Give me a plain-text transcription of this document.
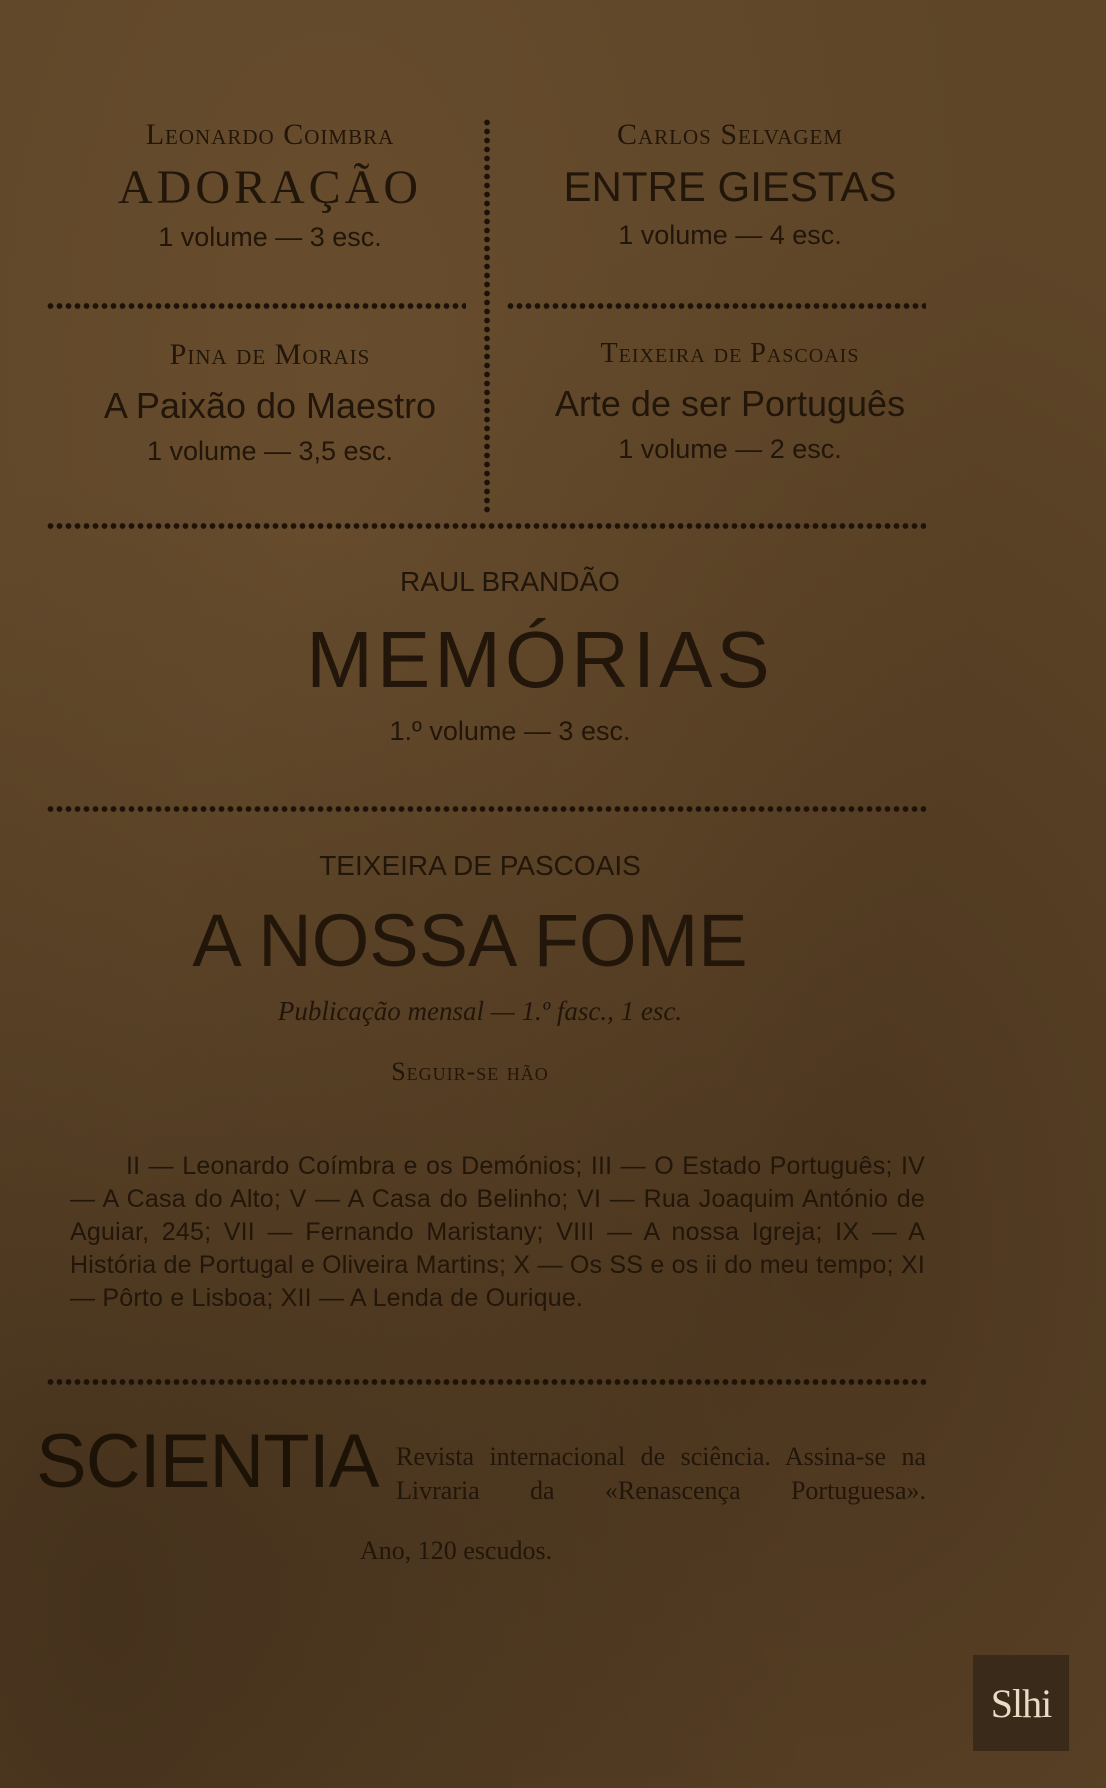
Leonardo Coimbra
ADORAÇÃO
1 volume — 3 esc.
Carlos Selvagem
ENTRE GIESTAS
1 volume — 4 esc.
Pina de Morais
A Paixão do Maestro
1 volume — 3,5 esc.
Teixeira de Pascoais
Arte de ser Português
1 volume — 2 esc.
RAUL BRANDÃO
MEMÓRIAS
1.º volume — 3 esc.
TEIXEIRA DE PASCOAIS
A NOSSA FOME
Publicação mensal — 1.º fasc., 1 esc.
Seguir-se hão
II — Leonardo Coímbra e os Demónios; III — O Estado Português; IV — A Casa do Alto; V — A Casa do Belinho; VI — Rua Joaquim António de Aguiar, 245; VII — Fernando Maristany; VIII — A nossa Igreja; IX — A História de Portugal e Oliveira Martins; X — Os SS e os ii do meu tempo; XI — Pôrto e Lisboa; XII — A Lenda de Ourique.
SCIENTIA Revista internacional de sciência. Assina-se na Livraria da «Renascença Portuguesa».
Ano, 120 escudos.
Slhi
